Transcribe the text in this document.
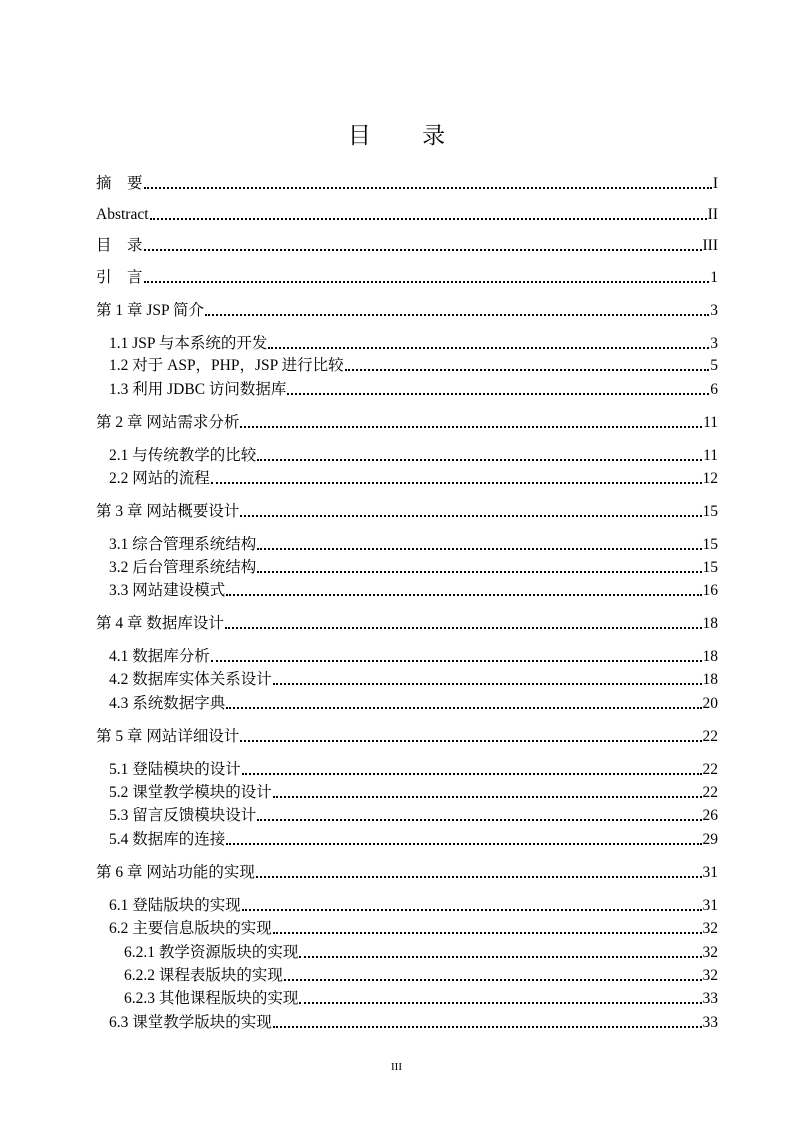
目 录
摘　要	I
Abstract	II
目　录	III
引　言	1
第 1 章 JSP 简介	3
1.1 JSP 与本系统的开发	3
1.2 对于 ASP，PHP，JSP 进行比较	5
1.3 利用 JDBC 访问数据库	6
第 2 章 网站需求分析	11
2.1 与传统教学的比较	11
2.2 网站的流程	12
第 3 章 网站概要设计	15
3.1 综合管理系统结构	15
3.2 后台管理系统结构	15
3.3 网站建设模式	16
第 4 章 数据库设计	18
4.1 数据库分析	18
4.2 数据库实体关系设计	18
4.3 系统数据字典	20
第 5 章 网站详细设计	22
5.1 登陆模块的设计	22
5.2 课堂教学模块的设计	22
5.3 留言反馈模块设计	26
5.4 数据库的连接	29
第 6 章 网站功能的实现	31
6.1 登陆版块的实现	31
6.2 主要信息版块的实现	32
6.2.1 教学资源版块的实现	32
6.2.2 课程表版块的实现	32
6.2.3 其他课程版块的实现	33
6.3 课堂教学版块的实现	33
III
